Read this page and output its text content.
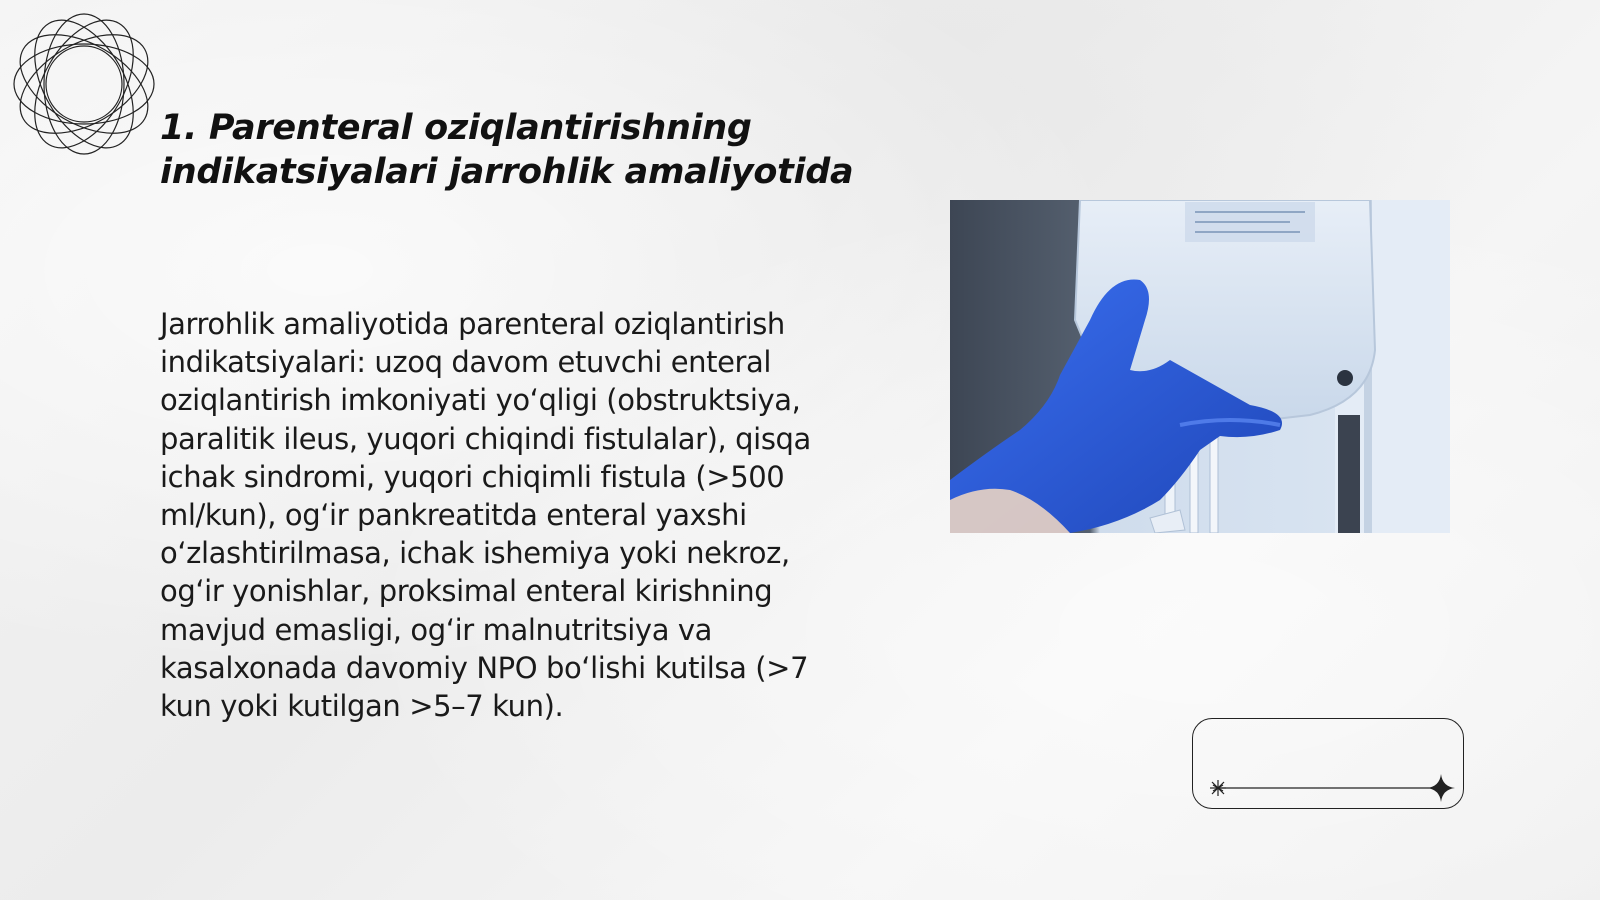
1. Parenteral oziqlantirishning indikatsiyalari jarrohlik amaliyotida

Jarrohlik amaliyotida parenteral oziqlantirish indikatsiyalari: uzoq davom etuvchi enteral oziqlantirish imkoniyati yo‘qligi (obstruktsiya, paralitik ileus, yuqori chiqindi fistulalar), qisqa ichak sindromi, yuqori chiqimli fistula (>500 ml/kun), og‘ir pankreatitda enteral yaxshi o‘zlashtirilmasa, ichak ishemiya yoki nekroz, og‘ir yonishlar, proksimal enteral kirishning mavjud emasligi, og‘ir malnutritsiya va kasalxonada davomiy NPO bo‘lishi kutilsa (>7 kun yoki kutilgan >5–7 kun).
